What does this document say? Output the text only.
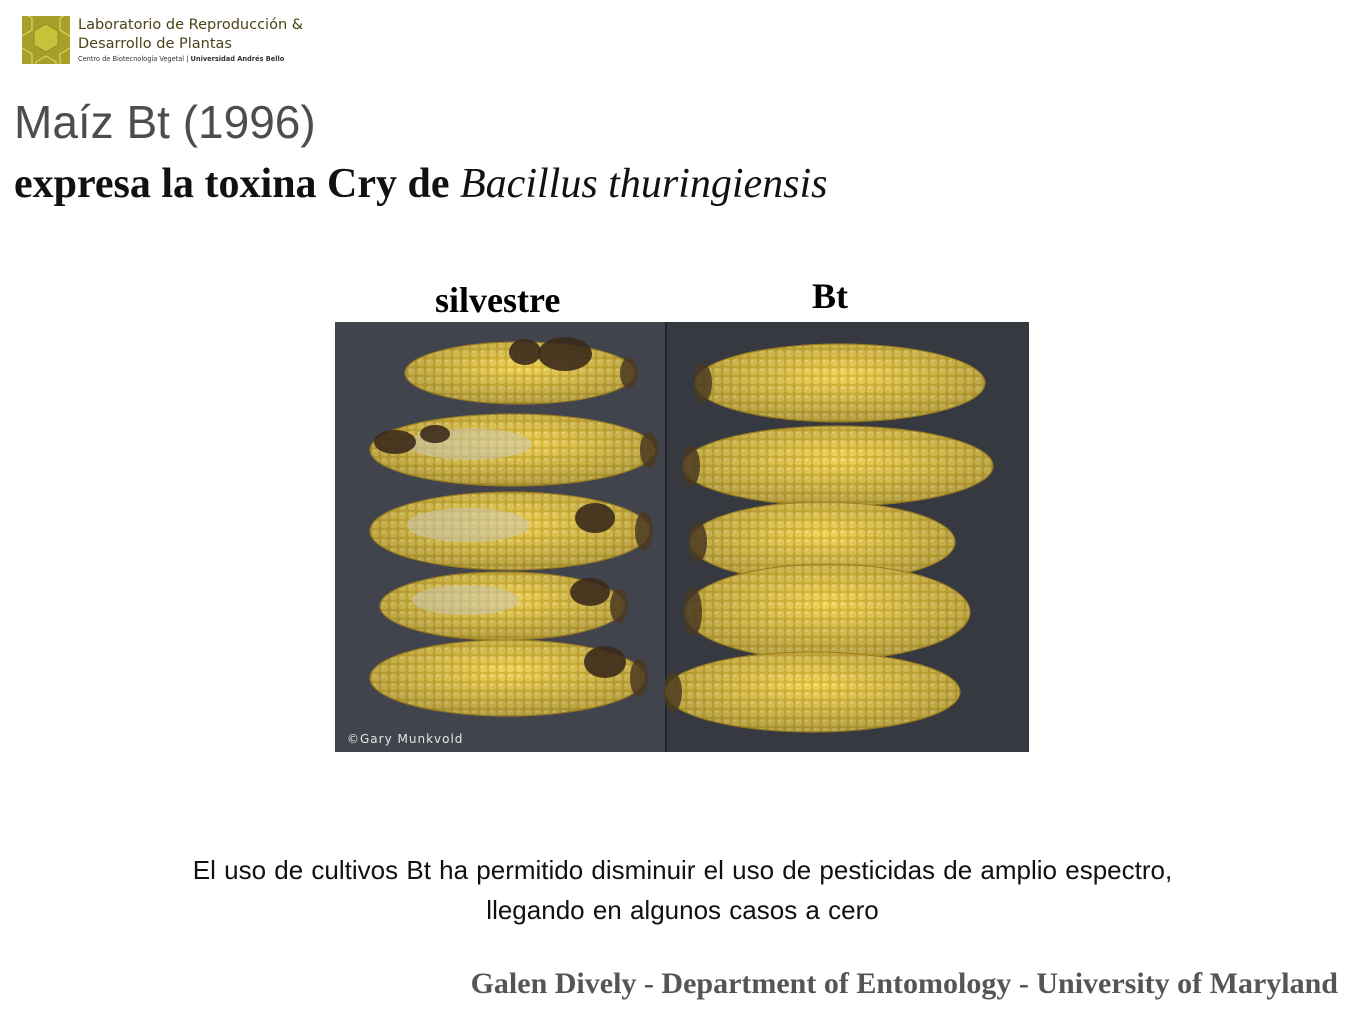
Laboratorio de Reproducción &
Desarrollo de Plantas
Centro de Biotecnología Vegetal | Universidad Andrés Bello
Maíz Bt (1996)
expresa la toxina Cry de Bacillus thuringiensis
silvestre	Bt
©Gary Munkvold
El uso de cultivos Bt ha permitido disminuir el uso de pesticidas de amplio espectro,
llegando en algunos casos a cero

Galen Dively - Department of Entomology - University of Maryland
